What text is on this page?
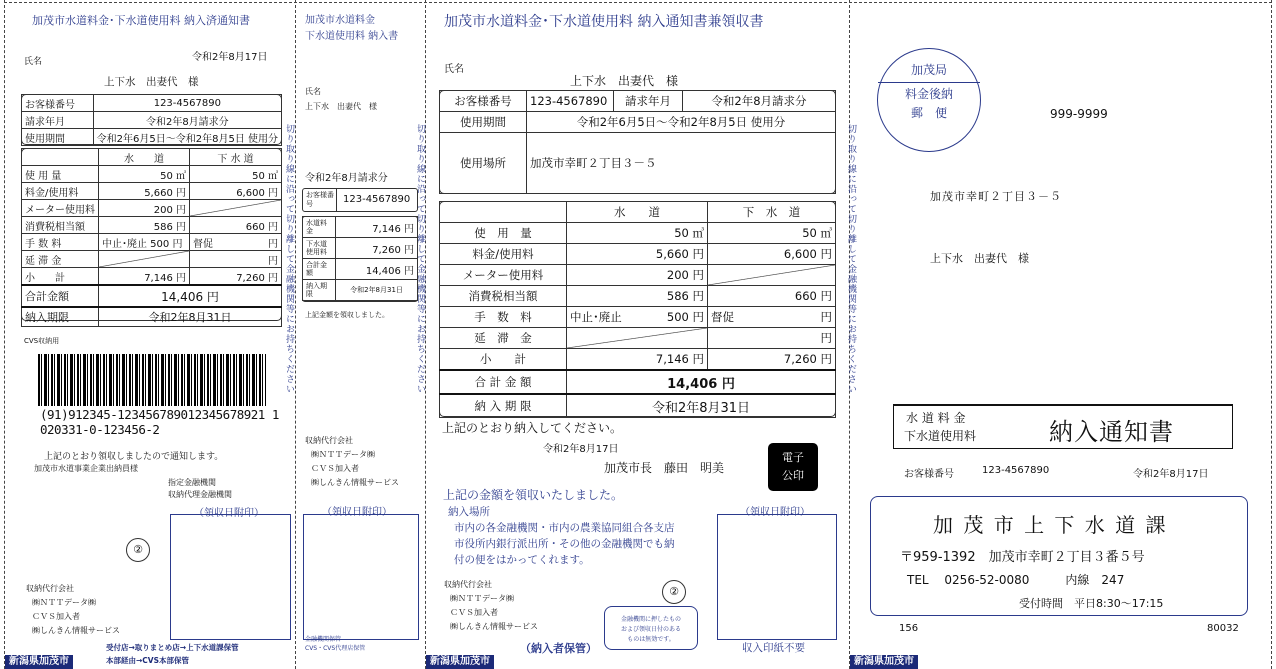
加茂市水道料金･下水道使用料 納入済通知書
氏名	令和2年8月17日
上下水　出妻代　様
お客様番号	123-4567890
請求年月	令和2年8月請求分
使用期間	令和2年6月5日～令和2年8月5日 使用分
	水　　道	下 水 道
使 用 量	50 ㎥	50 ㎥
料金/使用料	5,660 円	6,600 円
メーター使用料	200 円	
消費税相当額	586 円	660 円
手 数 料	中止･廃止 500 円	督促 円

延 滞 金		円
小　　計	7,146 円	7,260 円
合計金額	14,406 円	
納入期限	令和2年8月31日	
CVS収納用
(91)912345-123456789012345678921 1
020331-0-123456-2
上記のとおり領収しましたので通知します。
加茂市水道事業企業出納員様
指定金融機関
収納代理金融機関
（領収日附印）
②
収納代行会社
㈱ＮＴＴデータ㈱
ＣＶＳ加入者
㈱しんきん情報サービス
受付店→取りまとめ店→上下水道課保管
本部経由→CVS本部保管
新潟県加茂市
切り取り線に沿って切り離して金融機関等にお持ちください	切り取り線に沿って切り離して金融機関等にお持ちください
加茂市水道料金
下水道使用料 納入書
氏名
上下水　出妻代　様
令和2年8月請求分
お客様番号	123-4567890
水道料金	7,146 円
下水道使用料	7,260 円
合計金額	14,406 円
納入期限	令和2年8月31日
上記金額を領収しました。
収納代行会社
㈱ＮＴＴデータ㈱
ＣＶＳ加入者
㈱しんきん情報サービス
（領収日附印）
金融機関保管
CVS・CVS代理店保管
加茂市水道料金･下水道使用料 納入通知書兼領収書
氏名
上下水　出妻代　様
お客様番号	123-4567890	請求年月	令和2年8月請求分
使用期間	令和2年6月5日～令和2年8月5日 使用分		
使用場所	加茂市幸町２丁目３－５		
	水　　道	下　水　道
使　用　量	50 ㎥	50 ㎥
料金/使用料	5,660 円	6,600 円
メーター使用料	200 円	
消費税相当額	586 円	660 円
手　数　料	中止･廃止 500 円	督促 円

延　滞　金		円
小　　計	7,146 円	7,260 円
合 計 金 額	14,406 円	
納 入 期 限	令和2年8月31日	
上記のとおり納入してください。
令和2年8月17日
加茂市長　藤田　明美
電子
公印
上記の金額を領収いたしました。
納入場所
市内の各金融機関・市内の農業協同組合各支店
市役所内銀行派出所・その他の金融機関でも納
付の便をはかってくれます。
（領収日附印）
②
収納代行会社
㈱ＮＴＴデータ㈱
ＣＶＳ加入者
㈱しんきん情報サービス
金融機関に押したもの
および領収日付のある
ものは無効です。
（納入者保管）	収入印紙不要
新潟県加茂市
切り取り線に沿って切り離して金融機関等にお持ちください
加茂局
料金後納
郵　便	999-9999
加茂市幸町２丁目３－５
上下水　出妻代　様
水 道 料 金
下水道使用料	納入通知書
お客様番号	123-4567890	令和2年8月17日
加 茂 市 上 下 水 道 課
〒959-1392　加茂市幸町２丁目３番５号
TEL　 0256-52-0080　　　内線　247
受付時間　平日8:30～17:15
156	80032
新潟県加茂市
